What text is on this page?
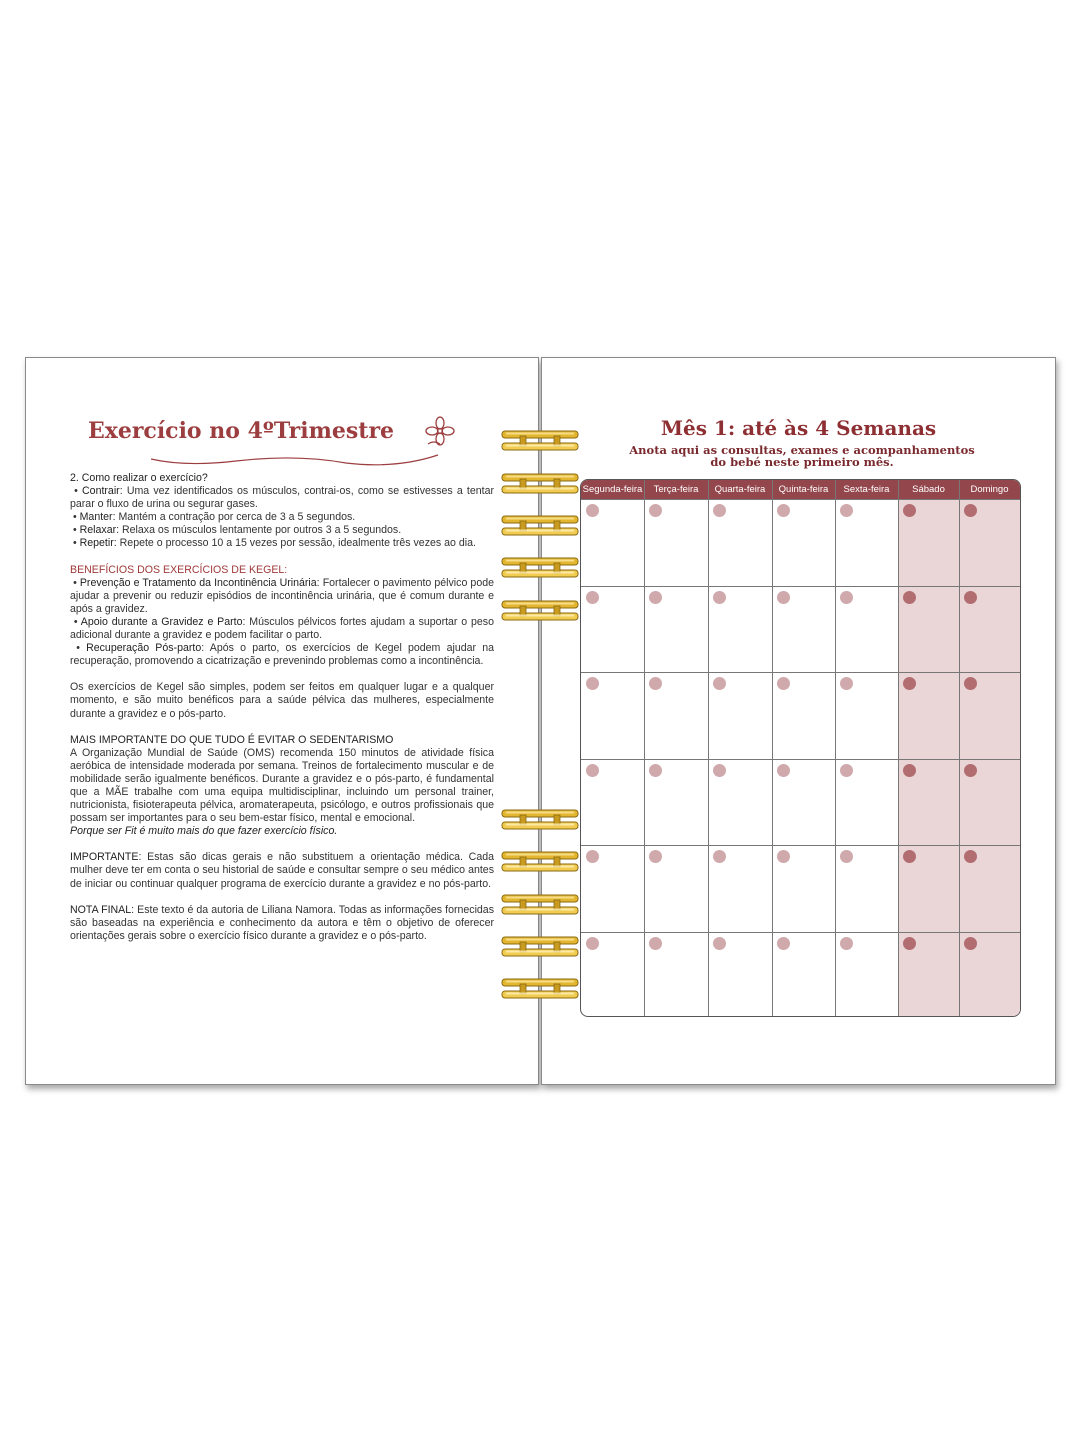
Exercício no 4ºTrimestre

2. Como realizar o exercício?

• Contrair: Uma vez identificados os músculos, contrai-os, como se estivesses a tentar parar o fluxo de urina ou segurar gases.

• Manter: Mantém a contração por cerca de 3 a 5 segundos.

• Relaxar: Relaxa os músculos lentamente por outros 3 a 5 segundos.

• Repetir: Repete o processo 10 a 15 vezes por sessão, idealmente três vezes ao dia.

BENEFÍCIOS DOS EXERCÍCIOS DE KEGEL:

• Prevenção e Tratamento da Incontinência Urinária: Fortalecer o pavimento pélvico pode ajudar a prevenir ou reduzir episódios de incontinência urinária, que é comum durante e após a gravidez.

• Apoio durante a Gravidez e Parto: Músculos pélvicos fortes ajudam a suportar o peso adicional durante a gravidez e podem facilitar o parto.

• Recuperação Pós-parto: Após o parto, os exercícios de Kegel podem ajudar na recuperação, promovendo a cicatrização e prevenindo problemas como a incontinência.

Os exercícios de Kegel são simples, podem ser feitos em qualquer lugar e a qualquer momento, e são muito benéficos para a saúde pélvica das mulheres, especialmente durante a gravidez e o pós-parto.

MAIS IMPORTANTE DO QUE TUDO É EVITAR O SEDENTARISMO

A Organização Mundial de Saúde (OMS) recomenda 150 minutos de atividade física aeróbica de intensidade moderada por semana. Treinos de fortalecimento muscular e de mobilidade serão igualmente benéficos. Durante a gravidez e o pós-parto, é fundamental que a MÃE trabalhe com uma equipa multidisciplinar, incluindo um personal trainer, nutricionista, fisioterapeuta pélvica, aromaterapeuta, psicólogo, e outros profissionais que possam ser importantes para o seu bem-estar físico, mental e emocional.

Porque ser Fit é muito mais do que fazer exercício físico.

IMPORTANTE: Estas são dicas gerais e não substituem a orientação médica. Cada mulher deve ter em conta o seu historial de saúde e consultar sempre o seu médico antes de iniciar ou continuar qualquer programa de exercício durante a gravidez e no pós-parto.

NOTA FINAL: Este texto é da autoria de Liliana Namora. Todas as informações fornecidas são baseadas na experiência e conhecimento da autora e têm o objetivo de oferecer orientações gerais sobre o exercício físico durante a gravidez e o pós-parto.

Mês 1: até às 4 Semanas
Anota aqui as consultas, exames e acompanhamentos
do bebé neste primeiro mês.
Segunda-feira	Terça-feira	Quarta-feira	Quinta-feira	Sexta-feira	Sábado	Domingo
